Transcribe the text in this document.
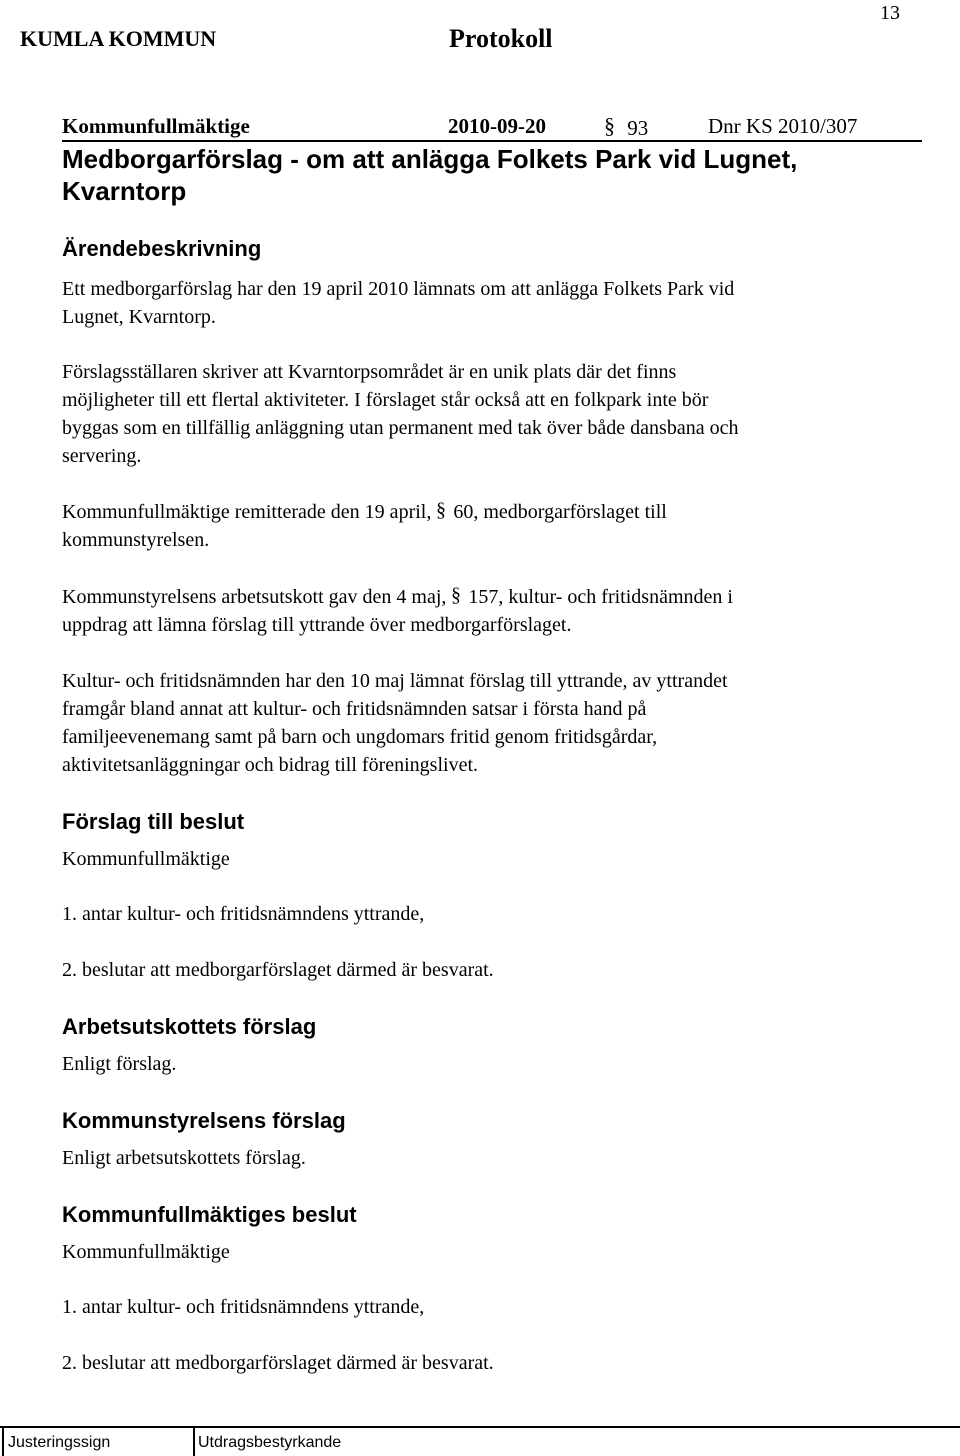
13
KUMLA KOMMUN	Protokoll
Kommunfullmäktige	2010-09-20	§ 93	Dnr KS 2010/307
Medborgarförslag - om att anlägga Folkets Park vid Lugnet,
Kvarntorp
Ärendebeskrivning
Ett medborgarförslag har den 19 april 2010 lämnats om att anlägga Folkets Park vid
Lugnet, Kvarntorp.
Förslagsställaren skriver att Kvarntorpsområdet är en unik plats där det finns
möjligheter till ett flertal aktiviteter. I förslaget står också att en folkpark inte bör
byggas som en tillfällig anläggning utan permanent med tak över både dansbana och
servering.
Kommunfullmäktige remitterade den 19 april, § 60, medborgarförslaget till
kommunstyrelsen.
Kommunstyrelsens arbetsutskott gav den 4 maj, § 157, kultur- och fritidsnämnden i
uppdrag att lämna förslag till yttrande över medborgarförslaget.
Kultur- och fritidsnämnden har den 10 maj lämnat förslag till yttrande, av yttrandet
framgår bland annat att kultur- och fritidsnämnden satsar i första hand på
familjeevenemang samt på barn och ungdomars fritid genom fritidsgårdar,
aktivitetsanläggningar och bidrag till föreningslivet.
Förslag till beslut
Kommunfullmäktige
1. antar kultur- och fritidsnämndens yttrande,
2. beslutar att medborgarförslaget därmed är besvarat.
Arbetsutskottets förslag
Enligt förslag.
Kommunstyrelsens förslag
Enligt arbetsutskottets förslag.
Kommunfullmäktiges beslut
Kommunfullmäktige
1. antar kultur- och fritidsnämndens yttrande,
2. beslutar att medborgarförslaget därmed är besvarat.
Justeringssign	Utdragsbestyrkande
